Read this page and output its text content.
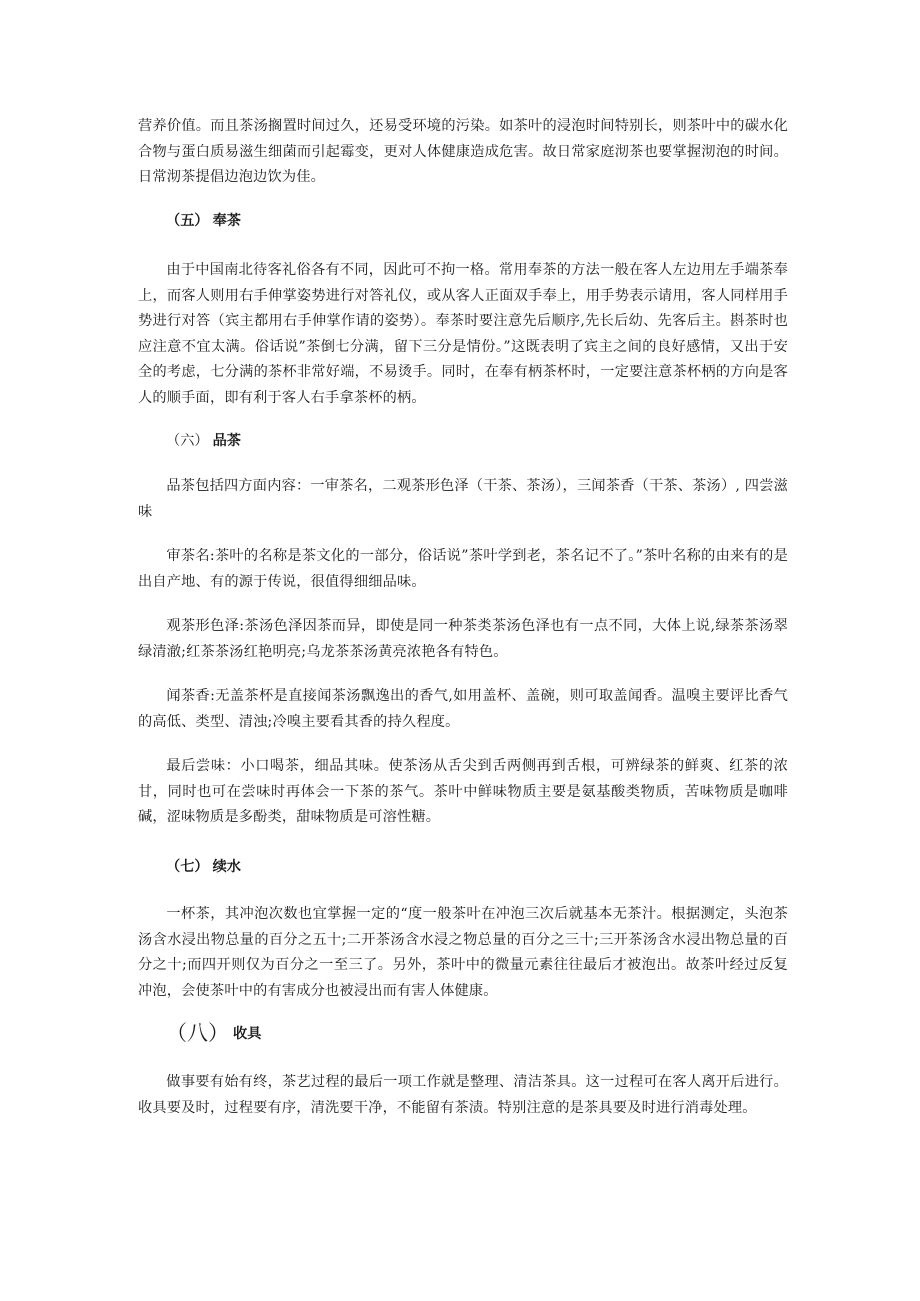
营养价值。而且茶汤搁置时间过久，还易受环境的污染。如茶叶的浸泡时间特别长，则茶叶中的碳水化合物与蛋白质易滋生细菌而引起霉变，更对人体健康造成危害。故日常家庭沏茶也要掌握沏泡的时间。日常沏茶提倡边泡边饮为佳。

（五） 奉茶

由于中国南北待客礼俗各有不同，因此可不拘一格。常用奉茶的方法一般在客人左边用左手端茶奉上，而客人则用右手伸掌姿势进行对答礼仪，或从客人正面双手奉上，用手势表示请用，客人同样用手势进行对答（宾主都用右手伸掌作请的姿势）。奉茶时要注意先后顺序,先长后幼、先客后主。斟茶时也应注意不宜太满。俗话说”茶倒七分满，留下三分是情份。”这既表明了宾主之间的良好感情，又出于安全的考虑，七分满的茶杯非常好端，不易烫手。同时，在奉有柄茶杯时，一定要注意茶杯柄的方向是客人的顺手面，即有利于客人右手拿茶杯的柄。

（六） 品茶

品茶包括四方面内容：一审茶名，二观茶形色泽（干茶、茶汤），三闻茶香（干茶、茶汤）, 四尝滋味

审茶名:茶叶的名称是茶文化的一部分，俗话说”茶叶学到老，茶名记不了。”茶叶名称的由来有的是出自产地、有的源于传说，很值得细细品味。

观茶形色泽:茶汤色泽因茶而异，即使是同一种茶类茶汤色泽也有一点不同，大体上说,绿茶茶汤翠绿清澈;红茶茶汤红艳明亮;乌龙茶茶汤黄亮浓艳各有特色。

闻茶香:无盖茶杯是直接闻茶汤飘逸出的香气,如用盖杯、盖碗，则可取盖闻香。温嗅主要评比香气的高低、类型、清浊;冷嗅主要看其香的持久程度。

最后尝味：小口喝茶，细品其味。使茶汤从舌尖到舌两侧再到舌根，可辨绿茶的鲜爽、红茶的浓甘，同时也可在尝味时再体会一下茶的茶气。茶叶中鲜味物质主要是氨基酸类物质，苦味物质是咖啡碱，涩味物质是多酚类，甜味物质是可溶性糖。

（七） 续水

一杯茶，其冲泡次数也宜掌握一定的“度一般茶叶在冲泡三次后就基本无茶汁。根据测定，头泡茶汤含水浸出物总量的百分之五十;二开茶汤含水浸之物总量的百分之三十;三开茶汤含水浸出物总量的百分之十;而四开则仅为百分之一至三了。另外，茶叶中的微量元素往往最后才被泡出。故茶叶经过反复冲泡，会使茶叶中的有害成分也被浸出而有害人体健康。

（八） 收具

做事要有始有终，茶艺过程的最后一项工作就是整理、清洁茶具。这一过程可在客人离开后进行。收具要及时，过程要有序，清洗要干净，不能留有茶渍。特别注意的是茶具要及时进行消毒处理。
